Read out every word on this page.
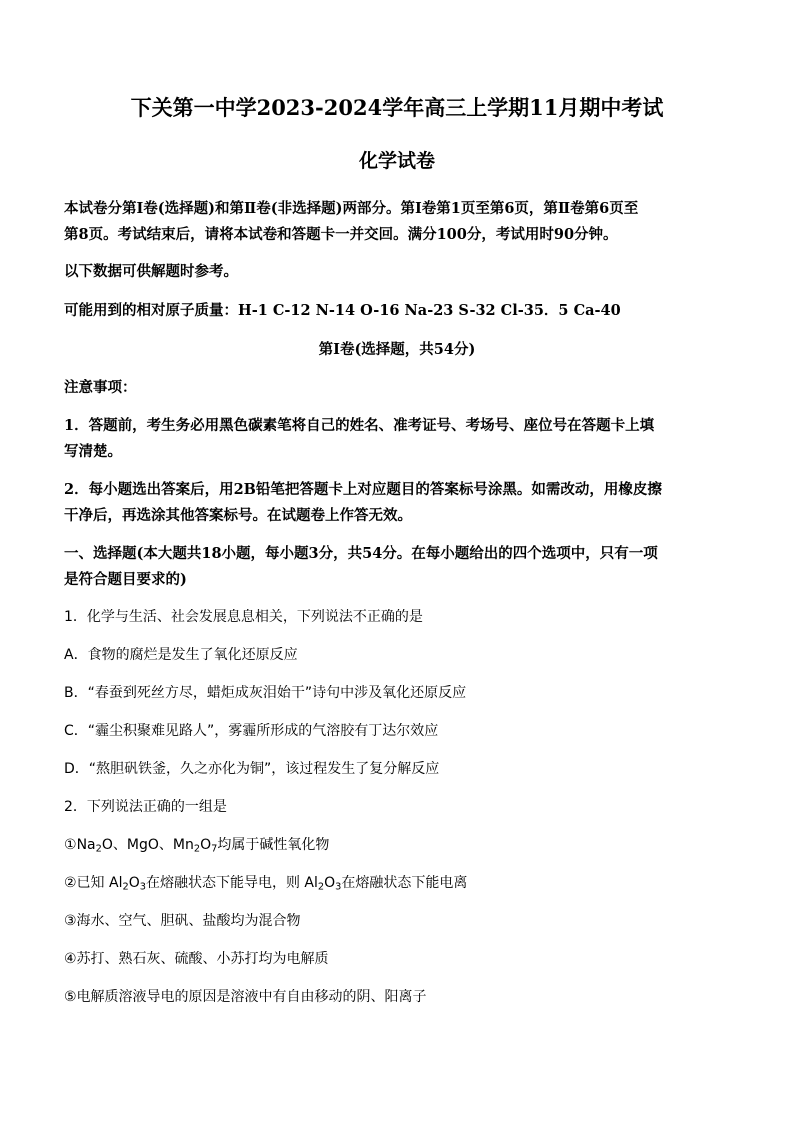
下关第一中学2023-2024学年高三上学期11月期中考试
化学试卷
本试卷分第Ⅰ卷(选择题)和第Ⅱ卷(非选择题)两部分。第Ⅰ卷第1页至第6页，第Ⅱ卷第6页至
第8页。考试结束后，请将本试卷和答题卡一并交回。满分100分，考试用时90分钟。
以下数据可供解题时参考。
可能用到的相对原子质量：H-1 C-12 N-14 O-16 Na-23 S-32 Cl-35．5 Ca-40
第Ⅰ卷(选择题，共54分)
注意事项：
1．答题前，考生务必用黑色碳素笔将自己的姓名、准考证号、考场号、座位号在答题卡上填
写清楚。
2．每小题选出答案后，用2B铅笔把答题卡上对应题目的答案标号涂黑。如需改动，用橡皮擦
干净后，再选涂其他答案标号。在试题卷上作答无效。
一、选择题(本大题共18小题，每小题3分，共54分。在每小题给出的四个选项中，只有一项
是符合题目要求的)
1．化学与生活、社会发展息息相关，下列说法不正确的是
A．食物的腐烂是发生了氧化还原反应
B．“春蚕到死丝方尽，蜡炬成灰泪始干”诗句中涉及氧化还原反应
C．“霾尘积聚难见路人”，雾霾所形成的气溶胶有丁达尔效应
D．“熬胆矾铁釜，久之亦化为铜”，该过程发生了复分解反应
2．下列说法正确的一组是
$①Na_2O$、MgO、$Mn_2O_7$均属于碱性氧化物
②已知 $Al_2O_3$在熔融状态下能导电，则 $Al_2O_3$在熔融状态下能电离
③海水、空气、胆矾、盐酸均为混合物
④苏打、熟石灰、硫酸、小苏打均为电解质
⑤电解质溶液导电的原因是溶液中有自由移动的阴、阳离子
